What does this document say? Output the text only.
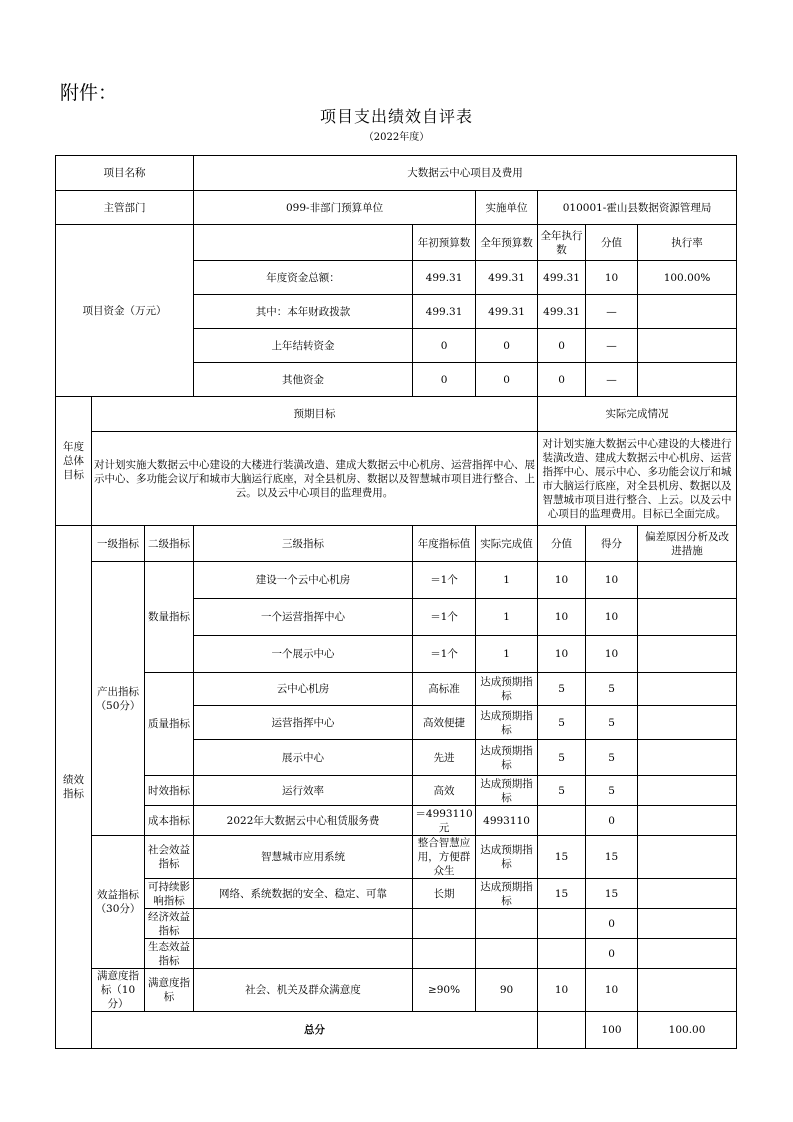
附件：
项目支出绩效自评表
（2022年度）
项目名称			大数据云中心项目及费用						
主管部门			099-非部门预算单位		实施单位	010001-霍山县数据资源管理局			
项目资金（万元）				年初预算数	全年预算数	全年执行数	分值	执行率	
			年度资金总额：	499.31	499.31	499.31	10	100.00%	
			其中：本年财政拨款	499.31	499.31	499.31	—		
			上年结转资金	0	0	0	—		
			其他资金	0	0	0	—		
年度总体目标	预期目标					实际完成情况			
	对计划实施大数据云中心建设的大楼进行装潢改造、建成大数据云中心机房、运营指挥中心、展示中心、多功能会议厅和城市大脑运行底座，对全县机房、数据以及智慧城市项目进行整合、上云。以及云中心项目的监理费用。					对计划实施大数据云中心建设的大楼进行装潢改造、建成大数据云中心机房、运营指挥中心、展示中心、多功能会议厅和城市大脑运行底座，对全县机房、数据以及智慧城市项目进行整合、上云。以及云中心项目的监理费用。目标已全面完成。			
绩效指标	一级指标	二级指标	三级指标	年度指标值	实际完成值	分值	得分	偏差原因分析及改进措施	
	产出指标（50分）	数量指标	建设一个云中心机房	＝1个	1	10	10		
			一个运营指挥中心	＝1个	1	10	10		
			一个展示中心	＝1个	1	10	10		
		质量指标	云中心机房	高标准	达成预期指标	5	5		
			运营指挥中心	高效便捷	达成预期指标	5	5		
			展示中心	先进	达成预期指标	5	5		
		时效指标	运行效率	高效	达成预期指标	5	5		
		成本指标	2022年大数据云中心租赁服务费	＝4993110元	4993110		0		
	效益指标（30分）	社会效益指标	智慧城市应用系统	整合智慧应用，方便群众生	达成预期指标	15	15		
		可持续影响指标	网络、系统数据的安全、稳定、可靠	长期	达成预期指标	15	15		
		经济效益指标					0		
		生态效益指标					0		
	满意度指标（10分）	满意度指标	社会、机关及群众满意度	≥90%	90	10	10		
	总分						100	100.00	
